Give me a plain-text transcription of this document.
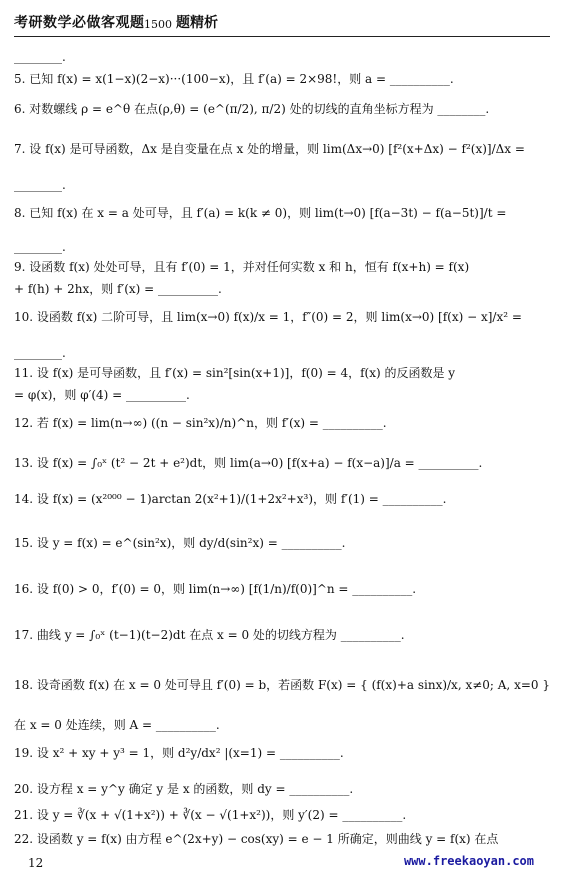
考研数学必做客观题 1500 题精析
________.
5. 已知 f(x) = x(1−x)(2−x)···(100−x)，且 f′(a) = 2×98!，则 a = __________.
6. 对数螺线 ρ = e^θ 在点(ρ,θ) = (e^(π/2), π/2) 处的切线的直角坐标方程为 ________.
7. 设 f(x) 是可导函数，Δx 是自变量在点 x 处的增量，则 lim(Δx→0) [f²(x+Δx) − f²(x)]/Δx =
________.
8. 已知 f(x) 在 x = a 处可导，且 f′(a) = k(k ≠ 0)，则 lim(t→0) [f(a−3t) − f(a−5t)]/t =
________.
9. 设函数 f(x) 处处可导，且有 f′(0) = 1，并对任何实数 x 和 h，恒有 f(x+h) = f(x)
+ f(h) + 2hx，则 f′(x) = __________.
10. 设函数 f(x) 二阶可导，且 lim(x→0) f(x)/x = 1，f″(0) = 2，则 lim(x→0) [f(x) − x]/x² =
________.
11. 设 f(x) 是可导函数，且 f′(x) = sin²[sin(x+1)]，f(0) = 4，f(x) 的反函数是 y
= φ(x)，则 φ′(4) = __________.
12. 若 f(x) = lim(n→∞) ((n − sin²x)/n)^n，则 f′(x) = __________.
13. 设 f(x) = ∫₀ˣ (t² − 2t + e²)dt，则 lim(a→0) [f(x+a) − f(x−a)]/a = __________.
14. 设 f(x) = (x²⁰⁰⁰ − 1)arctan 2(x²+1)/(1+2x²+x³)，则 f′(1) = __________.
15. 设 y = f(x) = e^(sin²x)，则 dy/d(sin²x) = __________.
16. 设 f(0) > 0，f′(0) = 0，则 lim(n→∞) [f(1/n)/f(0)]^n = __________.
17. 曲线 y = ∫₀ˣ (t−1)(t−2)dt 在点 x = 0 处的切线方程为 __________.
18. 设奇函数 f(x) 在 x = 0 处可导且 f′(0) = b，若函数 F(x) = { (f(x)+a sinx)/x, x≠0; A, x=0 }
在 x = 0 处连续，则 A = __________.
19. 设 x² + xy + y³ = 1，则 d²y/dx² |(x=1) = __________.
20. 设方程 x = y^y 确定 y 是 x 的函数，则 dy = __________.
21. 设 y = ∛(x + √(1+x²)) + ∛(x − √(1+x²))，则 y′(2) = __________.
22. 设函数 y = f(x) 由方程 e^(2x+y) − cos(xy) = e − 1 所确定，则曲线 y = f(x) 在点
12	www.freekaoyan.com
